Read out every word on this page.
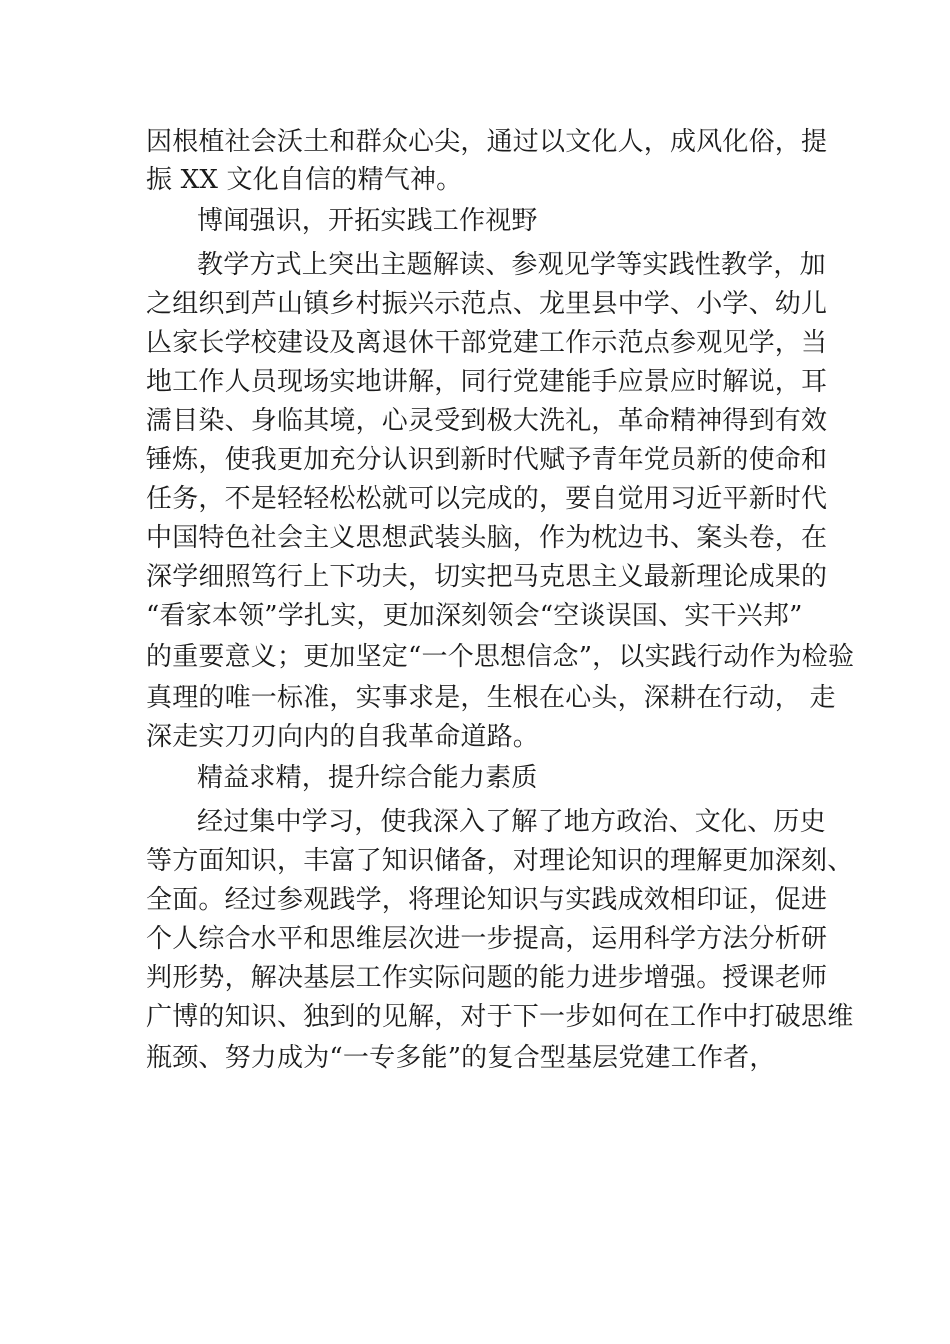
因根植社会沃土和群众心尖，通过以文化人，成风化俗，提

振 XX 文化自信的精气神。

博闻强识，开拓实践工作视野

教学方式上突出主题解读、参观见学等实践性教学，加

之组织到芦山镇乡村振兴示范点、龙里县中学、小学、幼儿

亾家长学校建设及离退休干部党建工作示范点参观见学，当

地工作人员现场实地讲解，同行党建能手应景应时解说，耳

濡目染、身临其境，心灵受到极大洗礼，革命精神得到有效

锤炼，使我更加充分认识到新时代赋予青年党员新的使命和

任务，不是轻轻松松就可以完成的，要自觉用习近平新时代

中国特色社会主义思想武装头脑，作为枕边书、案头卷，在

深学细照笃行上下功夫，切实把马克思主义最新理论成果的

“看家本领”学扎实，更加深刻领会“空谈误国、实干兴邦”

的重要意义；更加坚定“一个思想信念”，以实践行动作为检验

真理的唯一标准，实事求是，生根在心头，深耕在行动， 走

深走实刀刃向内的自我革命道路。

精益求精，提升综合能力素质

经过集中学习，使我深入了解了地方政治、文化、历史

等方面知识，丰富了知识储备，对理论知识的理解更加深刻、

全面。经过参观践学，将理论知识与实践成效相印证，促进

个人综合水平和思维层次进一步提高，运用科学方法分析研

判形势，解决基层工作实际问题的能力进步增强。授课老师

广博的知识、独到的见解，对于下一步如何在工作中打破思维

瓶颈、努力成为“一专多能”的复合型基层党建工作者，
